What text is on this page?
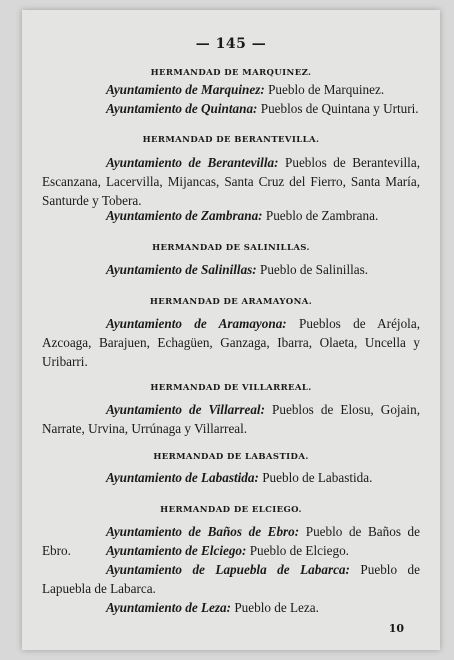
— 145 —
HERMANDAD DE MARQUINEZ.
Ayuntamiento de Marquinez: Pueblo de Marquinez.
Ayuntamiento de Quintana: Pueblos de Quintana y Urturi.
HERMANDAD DE BERANTEVILLA.
Ayuntamiento de Berantevilla: Pueblos de Berantevilla, Escanzana, Lacervilla, Mijancas, Santa Cruz del Fierro, Santa María, Santurde y Tobera.
Ayuntamiento de Zambrana: Pueblo de Zambrana.
HERMANDAD DE SALINILLAS.
Ayuntamiento de Salinillas: Pueblo de Salinillas.
HERMANDAD DE ARAMAYONA.
Ayuntamiento de Aramayona: Pueblos de Aréjola, Azcoaga, Barajuen, Echagüen, Ganzaga, Ibarra, Olaeta, Uncella y Uribarri.
HERMANDAD DE VILLARREAL.
Ayuntamiento de Villarreal: Pueblos de Elosu, Gojain, Narrate, Urvina, Urrúnaga y Villarreal.
HERMANDAD DE LABASTIDA.
Ayuntamiento de Labastida: Pueblo de Labastida.
HERMANDAD DE ELCIEGO.
Ayuntamiento de Baños de Ebro: Pueblo de Baños de Ebro.	Ayuntamiento de Elciego: Pueblo de Elciego.
Ayuntamiento de Lapuebla de Labarca: Pueblo de Lapuebla de Labarca.
Ayuntamiento de Leza: Pueblo de Leza.
10
